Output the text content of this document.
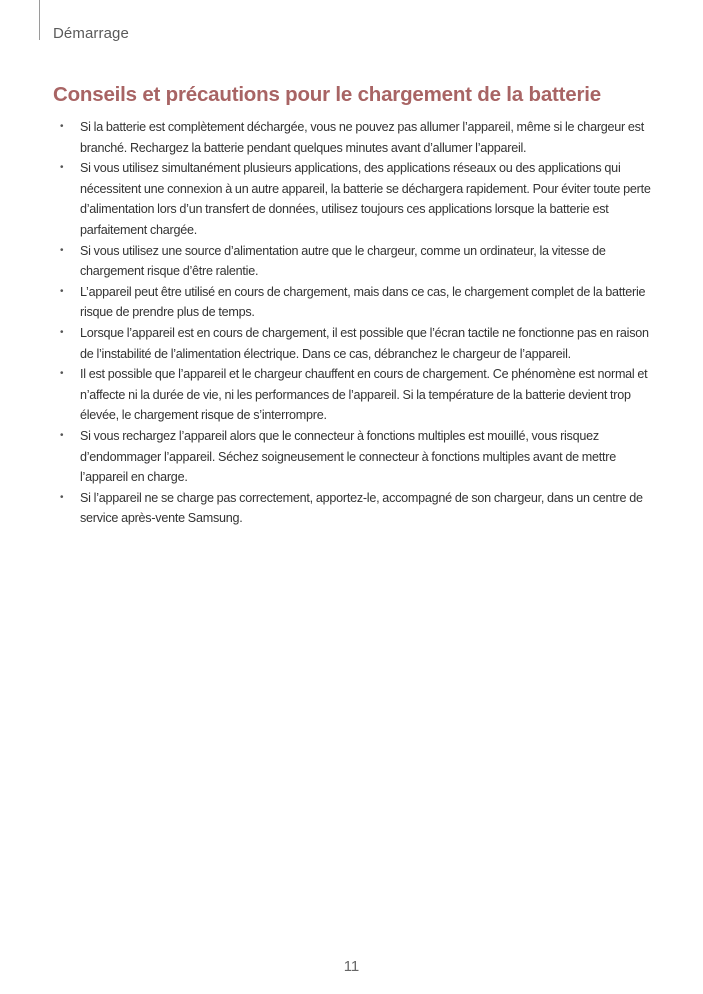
Démarrage
Conseils et précautions pour le chargement de la batterie
• Si la batterie est complètement déchargée, vous ne pouvez pas allumer l’appareil, même si le chargeur est branché. Rechargez la batterie pendant quelques minutes avant d’allumer l’appareil.
• Si vous utilisez simultanément plusieurs applications, des applications réseaux ou des applications qui nécessitent une connexion à un autre appareil, la batterie se déchargera rapidement. Pour éviter toute perte d’alimentation lors d’un transfert de données, utilisez toujours ces applications lorsque la batterie est parfaitement chargée.
• Si vous utilisez une source d’alimentation autre que le chargeur, comme un ordinateur, la vitesse de chargement risque d’être ralentie.
• L’appareil peut être utilisé en cours de chargement, mais dans ce cas, le chargement complet de la batterie risque de prendre plus de temps.
• Lorsque l’appareil est en cours de chargement, il est possible que l’écran tactile ne fonctionne pas en raison de l’instabilité de l’alimentation électrique. Dans ce cas, débranchez le chargeur de l’appareil.
• Il est possible que l’appareil et le chargeur chauffent en cours de chargement. Ce phénomène est normal et n’affecte ni la durée de vie, ni les performances de l’appareil. Si la température de la batterie devient trop élevée, le chargement risque de s’interrompre.
• Si vous rechargez l’appareil alors que le connecteur à fonctions multiples est mouillé, vous risquez d’endommager l’appareil. Séchez soigneusement le connecteur à fonctions multiples avant de mettre l’appareil en charge.
• Si l’appareil ne se charge pas correctement, apportez-le, accompagné de son chargeur, dans un centre de service après-vente Samsung.
11
